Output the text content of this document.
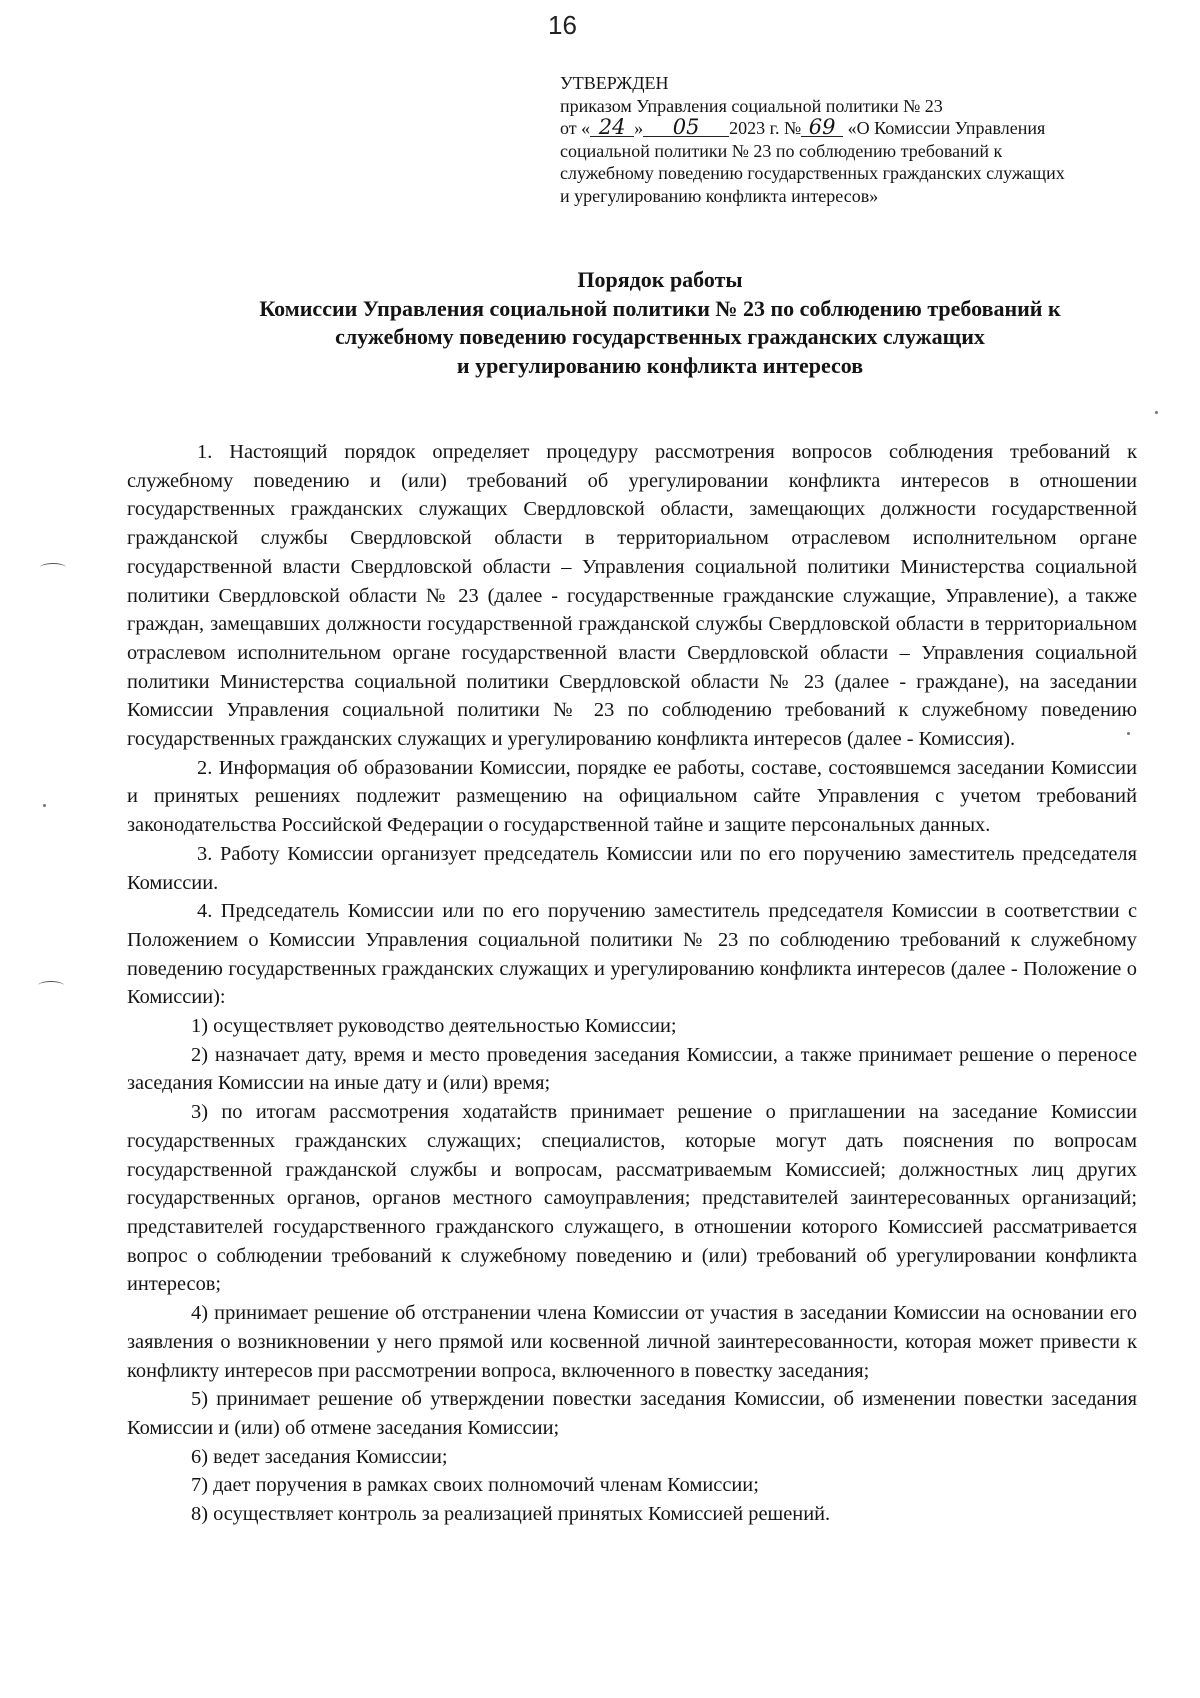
16
УТВЕРЖДЕН
приказом Управления социальной политики № 23
от « 24 » 05 2023 г. № 69 «О Комиссии Управления
социальной политики № 23 по соблюдению требований к
служебному поведению государственных гражданских служащих
и урегулированию конфликта интересов»
Порядок работы
Комиссии Управления социальной политики № 23 по соблюдению требований к
служебному поведению государственных гражданских служащих
и урегулированию конфликта интересов

1. Настоящий порядок определяет процедуру рассмотрения вопросов соблюдения требований к служебному поведению и (или) требований об урегулировании конфликта интересов в отношении государственных гражданских служащих Свердловской области, замещающих должности государственной гражданской службы Свердловской области в территориальном отраслевом исполнительном органе государственной власти Свердловской области – Управления социальной политики Министерства социальной политики Свердловской области № 23 (далее - государственные гражданские служащие, Управление), а также граждан, замещавших должности государственной гражданской службы Свердловской области в территориальном отраслевом исполнительном органе государственной власти Свердловской области – Управления социальной политики Министерства социальной политики Свердловской области № 23 (далее - граждане), на заседании Комиссии Управления социальной политики № 23 по соблюдению требований к служебному поведению государственных гражданских служащих и урегулированию конфликта интересов (далее - Комиссия).

2. Информация об образовании Комиссии, порядке ее работы, составе, состоявшемся заседании Комиссии и принятых решениях подлежит размещению на официальном сайте Управления с учетом требований законодательства Российской Федерации о государственной тайне и защите персональных данных.

3. Работу Комиссии организует председатель Комиссии или по его поручению заместитель председателя Комиссии.

4. Председатель Комиссии или по его поручению заместитель председателя Комиссии в соответствии с Положением о Комиссии Управления социальной политики № 23 по соблюдению требований к служебному поведению государственных гражданских служащих и урегулированию конфликта интересов (далее - Положение о Комиссии):

1) осуществляет руководство деятельностью Комиссии;

2) назначает дату, время и место проведения заседания Комиссии, а также принимает решение о переносе заседания Комиссии на иные дату и (или) время;

3) по итогам рассмотрения ходатайств принимает решение о приглашении на заседание Комиссии государственных гражданских служащих; специалистов, которые могут дать пояснения по вопросам государственной гражданской службы и вопросам, рассматриваемым Комиссией; должностных лиц других государственных органов, органов местного самоуправления; представителей заинтересованных организаций; представителей государственного гражданского служащего, в отношении которого Комиссией рассматривается вопрос о соблюдении требований к служебному поведению и (или) требований об урегулировании конфликта интересов;

4) принимает решение об отстранении члена Комиссии от участия в заседании Комиссии на основании его заявления о возникновении у него прямой или косвенной личной заинтересованности, которая может привести к конфликту интересов при рассмотрении вопроса, включенного в повестку заседания;

5) принимает решение об утверждении повестки заседания Комиссии, об изменении повестки заседания Комиссии и (или) об отмене заседания Комиссии;

6) ведет заседания Комиссии;

7) дает поручения в рамках своих полномочий членам Комиссии;

8) осуществляет контроль за реализацией принятых Комиссией решений.
